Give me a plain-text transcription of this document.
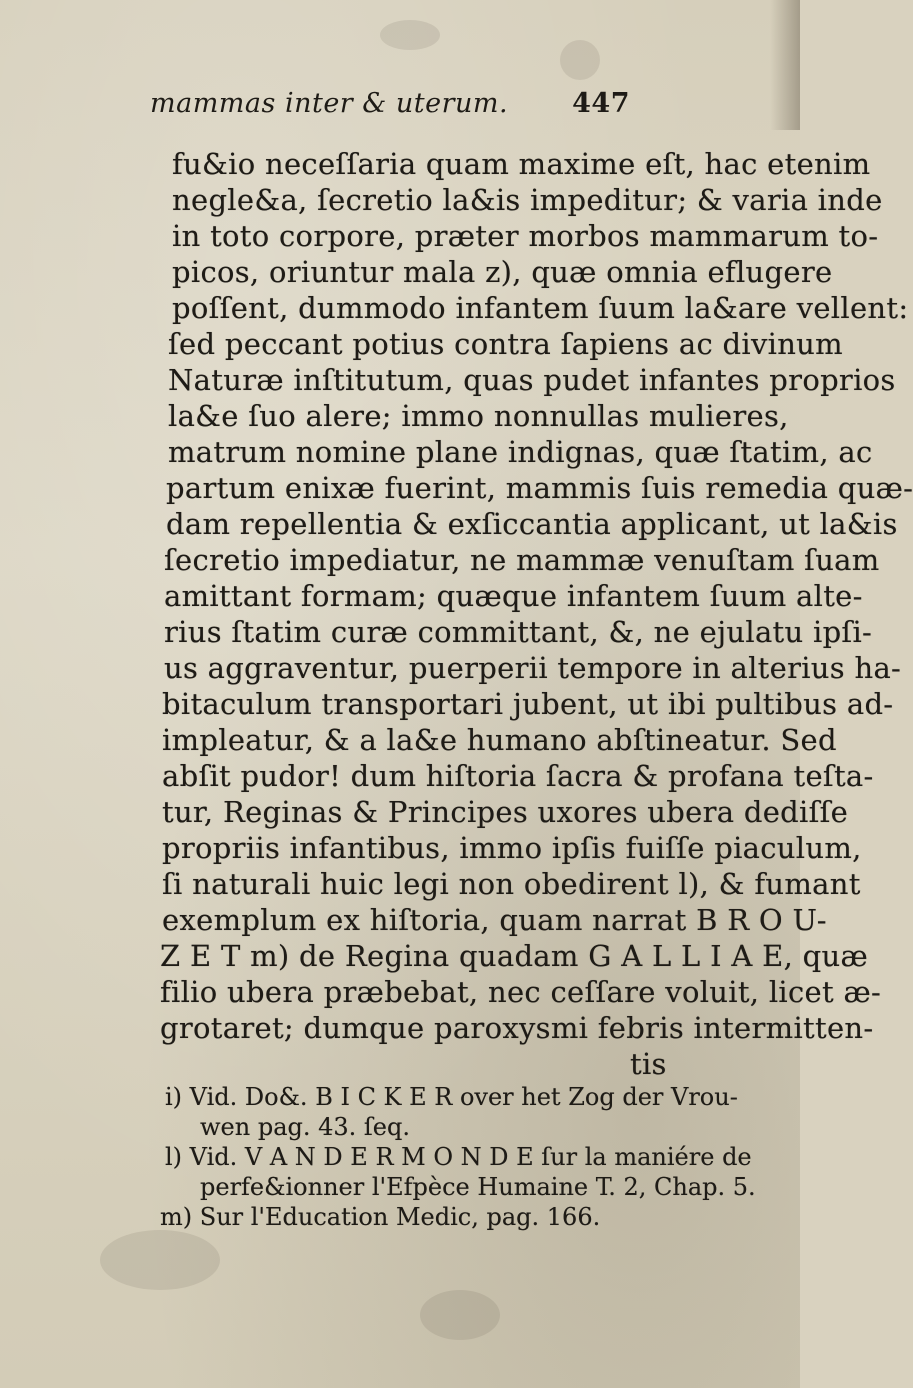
mammas inter & uterum. 447
fu&io neceſſaria quam maxime eſt, hac etenim
negle&a, ſecretio la&is impeditur; & varia inde
in toto corpore, præter morbos mammarum to-
picos, oriuntur mala z), quæ omnia eflugere
poſſent, dummodo infantem ſuum la&are vellent:
ſed peccant potius contra ſapiens ac divinum
Naturæ inſtitutum, quas pudet infantes proprios
la&e ſuo alere; immo nonnullas mulieres,
matrum nomine plane indignas, quæ ſtatim, ac
partum enixæ fuerint, mammis ſuis remedia quæ-
dam repellentia & exſiccantia applicant, ut la&is
ſecretio impediatur, ne mammæ venuſtam ſuam
amittant formam; quæque infantem ſuum alte-
rius ſtatim curæ committant, &, ne ejulatu ipſi-
us aggraventur, puerperii tempore in alterius ha-
bitaculum transportari jubent, ut ibi pultibus ad-
impleatur, & a la&e humano abſtineatur. Sed
abſit pudor! dum hiſtoria ſacra & profana teſta-
tur, Reginas & Principes uxores ubera dediſſe
propriis infantibus, immo ipſis fuiſſe piaculum,
ſi naturali huic legi non obedirent l), & fumant
exemplum ex hiſtoria, quam narrat B R O U-
Z E T m) de Regina quadam G A L L I A E, quæ
filio ubera præbebat, nec ceſſare voluit, licet æ-
grotaret; dumque paroxysmi febris intermitten-
tis
i) Vid. Do&. B I C K E R over het Zog der Vrou-
wen pag. 43. ſeq.
l) Vid. V A N D E R M O N D E ſur la maniére de
perfe&ionner l'Efpèce Humaine T. 2, Chap. 5.
m) Sur l'Education Medic, pag. 166.
